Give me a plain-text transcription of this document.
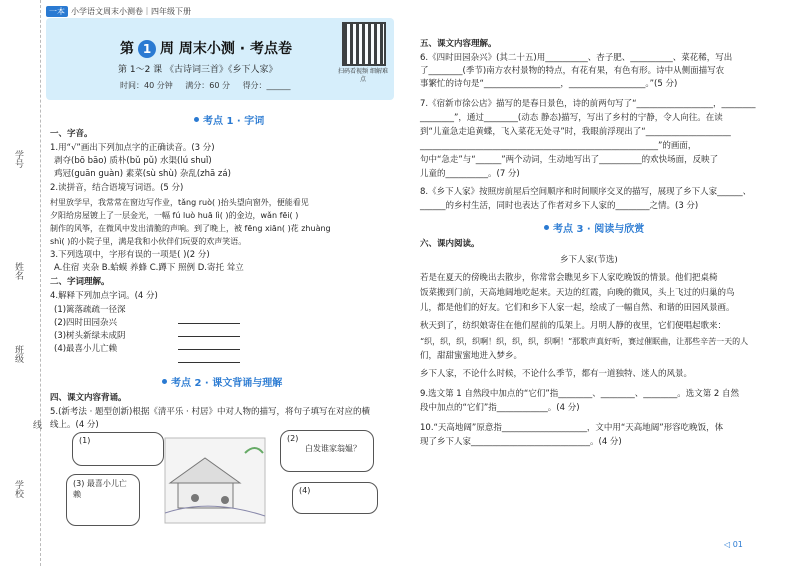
一本 小学语文周末小测卷｜四年级下册
学号
姓名
班级
线
学校
第 1 周 周末小测 · 考点卷
第 1～2 课 《古诗词三首》《乡下人家》
时间：40 分钟 满分：60 分 得分：______
扫码看视频 细解难点
考点 1 · 字词
一、字音。
1.用“√”画出下列加点字的正确读音。(3 分)
剥夺(bō bāo) 质朴(bǔ pǔ) 水渠(lú shuǐ)
鸡冠(guān guàn) 素菜(sù shù) 杂乱(zhā zá)
2.读拼音，结合语境写词语。(5 分)
村里放学早，我常常在窗边写作业，tǎng ruò( )抬头望向窗外，便能看见
夕阳给房屋镀上了一层金光，一幅 fú luò huā lì( )的金边，wǎn fēi( )
制作的风筝，在微风中发出清脆的声响。到了晚上，被 fēng xiān( )花 zhuàng
shì( )的小院子里，满是我和小伙伴们玩耍的欢声笑语。
3.下列选项中，字形有误的一项是( )(2 分)
A.住宿 夹杂 B.蛤蟆 养蜂 C.蹲下 照例 D.寄托 耸立
二、字词理解。
4.解释下列加点字词。(4 分)
(1)篱落疏疏一径深
(2)四时田园杂兴
(3)树头新绿未成阴
(4)最喜小儿亡赖
考点 2 · 课文背诵与理解
四、课文内容背诵。
5.(新考法 · 题型创新)根据《清平乐 · 村居》中对人物的描写，将句子填写在对应的横
线上。(4 分)
(1)	(2)
白发谁家翁媪？
(3) 最喜小儿亡赖	(4)
五、课文内容理解。
6.《四时田园杂兴》(其二十五)用__________、杏子肥、__________、菜花稀，写出
了________(季节)南方农村景物的特点，有花有果，有色有形。诗中从侧面描写农
事繁忙的诗句是“__________________，__________________。”(5 分)
7.《宿新市徐公店》描写的是春日景色，诗的前两句写了“__________________，________
________”，通过________(动态 静态)描写，写出了乡村的宁静，令人向往。在读
到“儿童急走追黄蝶，飞入菜花无处寻”时，我眼前浮现出了“____________________
________________________________________________________”的画面，
句中“急走”与“______”两个动词，生动地写出了__________的欢快场面，反映了
儿童的__________。(7 分)
8.《乡下人家》按照房前屋后空间顺序和时间顺序交叉的描写，展现了乡下人家______、
______的乡村生活，同时也表达了作者对乡下人家的________之情。(3 分)
考点 3 · 阅读与欣赏
六、课内阅读。
乡下人家(节选)
若是在夏天的傍晚出去散步，你常常会瞧见乡下人家吃晚饭的情景。他们把桌椅
饭菜搬到门前，天高地阔地吃起来。天边的红霞，向晚的微风，头上飞过的归巢的鸟
儿，都是他们的好友。它们和乡下人家一起，绘成了一幅自然、和谐的田园风景画。
秋天到了，纺织娘寄住在他们屋前的瓜架上。月明人静的夜里，它们便唱起歌来：
“织，织，织，织啊！织，织，织，织啊！”那歌声真好听，赛过催眠曲，让那些辛苦一天的人
们，甜甜蜜蜜地进入梦乡。
乡下人家，不论什么时候，不论什么季节，都有一道独特、迷人的风景。
9.选文第 1 自然段中加点的“它们”指________、________、________。选文第 2 自然
段中加点的“它们”指____________。(4 分)
10.“天高地阔”原意指____________________，文中用“天高地阔”形容吃晚饭，体
现了乡下人家____________________________。(4 分)
◁ 01
